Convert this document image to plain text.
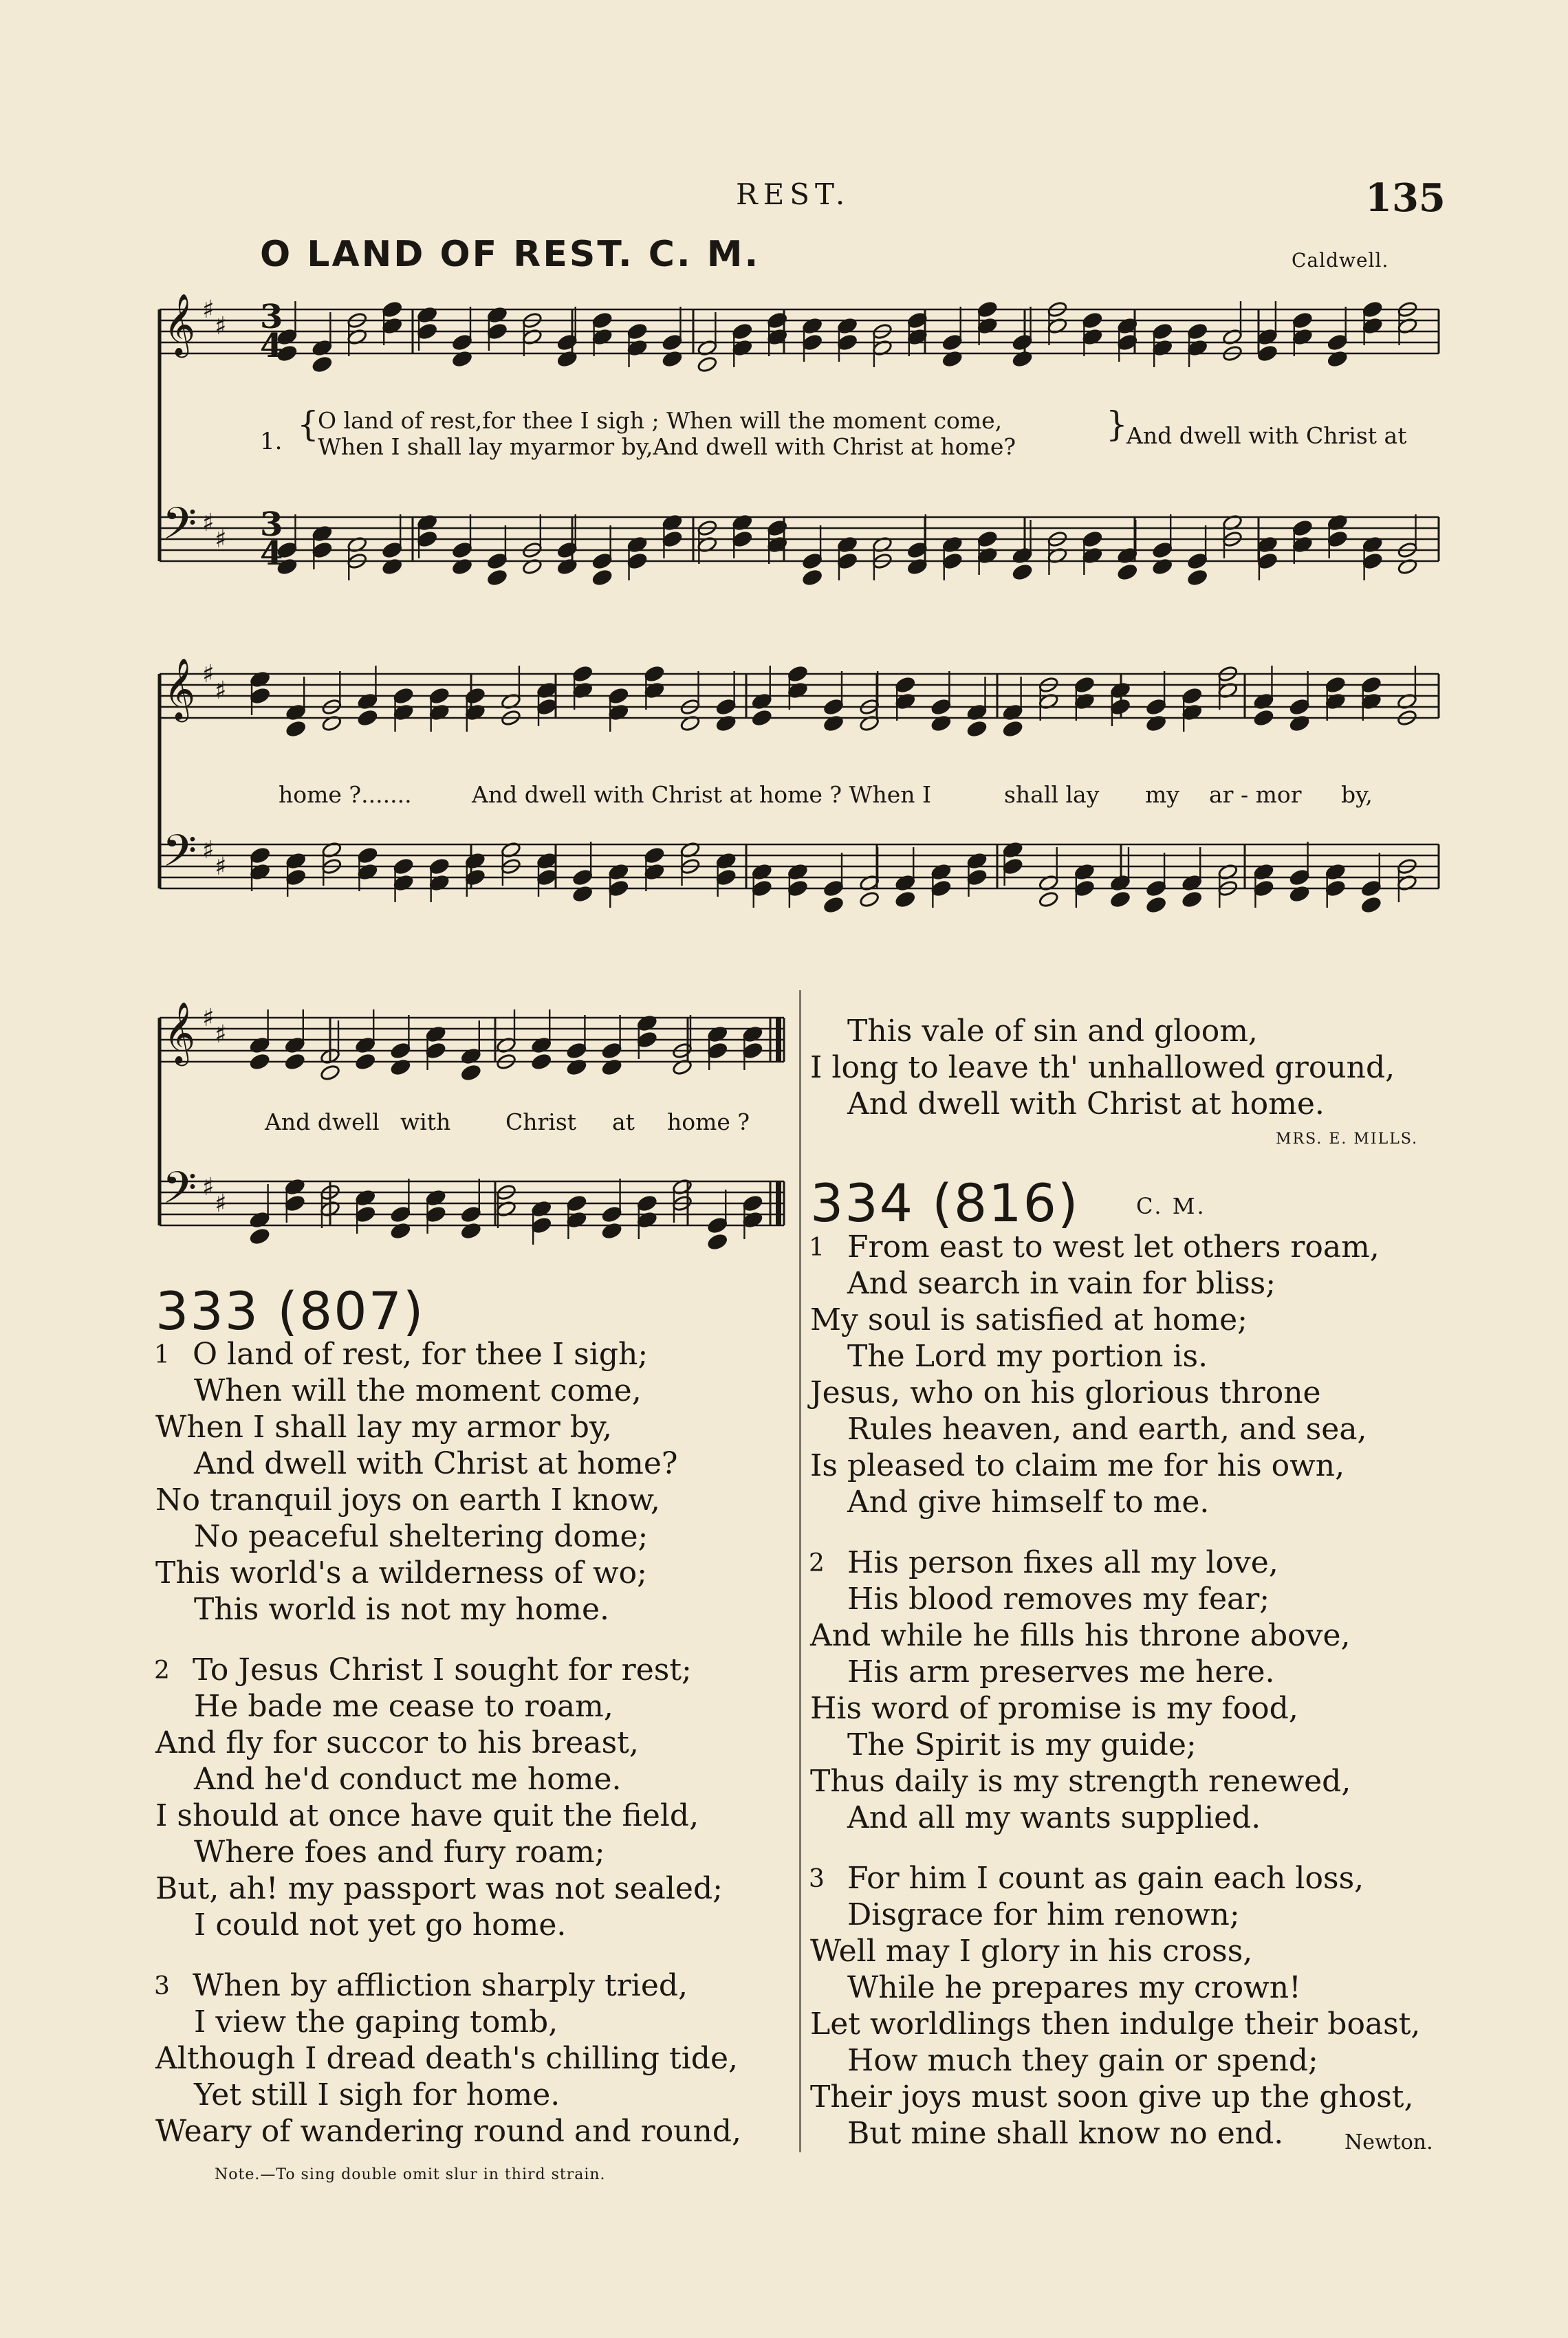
REST.	135
O LAND OF REST. C. M.	Caldwell.
𝄞
𝄢
♯
♯
♯
♯
𝄞
𝄢
♯
♯
♯
♯
𝄞
𝄢
♯
♯
♯
♯
3
4
3
4
1. {
O land of rest,for thee I sigh ; When will the moment come,
When I shall lay myarmor by,And dwell with Christ at home?
}
And dwell with Christ at
home ?.......	And dwell with Christ at home ? When I	shall lay my ar - mor by,
And dwell with Christ at home ?
333 (807)
1 O land of rest, for thee I sigh;
When will the moment come,
When I shall lay my armor by,
And dwell with Christ at home?
No tranquil joys on earth I know,
No peaceful sheltering dome;
This world's a wilderness of wo;
This world is not my home.
2 To Jesus Christ I sought for rest;
He bade me cease to roam,
And fly for succor to his breast,
And he'd conduct me home.
I should at once have quit the field,
Where foes and fury roam;
But, ah! my passport was not sealed;
I could not yet go home.
3 When by affliction sharply tried,
I view the gaping tomb,
Although I dread death's chilling tide,
Yet still I sigh for home.
Weary of wandering round and round,
Note.—To sing double omit slur in third strain.
This vale of sin and gloom,
I long to leave th' unhallowed ground,
And dwell with Christ at home.
MRS. E. MILLS.
334 (816)	C. M.
1 From east to west let others roam,
And search in vain for bliss;
My soul is satisfied at home;
The Lord my portion is.
Jesus, who on his glorious throne
Rules heaven, and earth, and sea,
Is pleased to claim me for his own,
And give himself to me.
2 His person fixes all my love,
His blood removes my fear;
And while he fills his throne above,
His arm preserves me here.
His word of promise is my food,
The Spirit is my guide;
Thus daily is my strength renewed,
And all my wants supplied.
3 For him I count as gain each loss,
Disgrace for him renown;
Well may I glory in his cross,
While he prepares my crown!
Let worldlings then indulge their boast,
How much they gain or spend;
Their joys must soon give up the ghost,
But mine shall know no end.	Newton.
